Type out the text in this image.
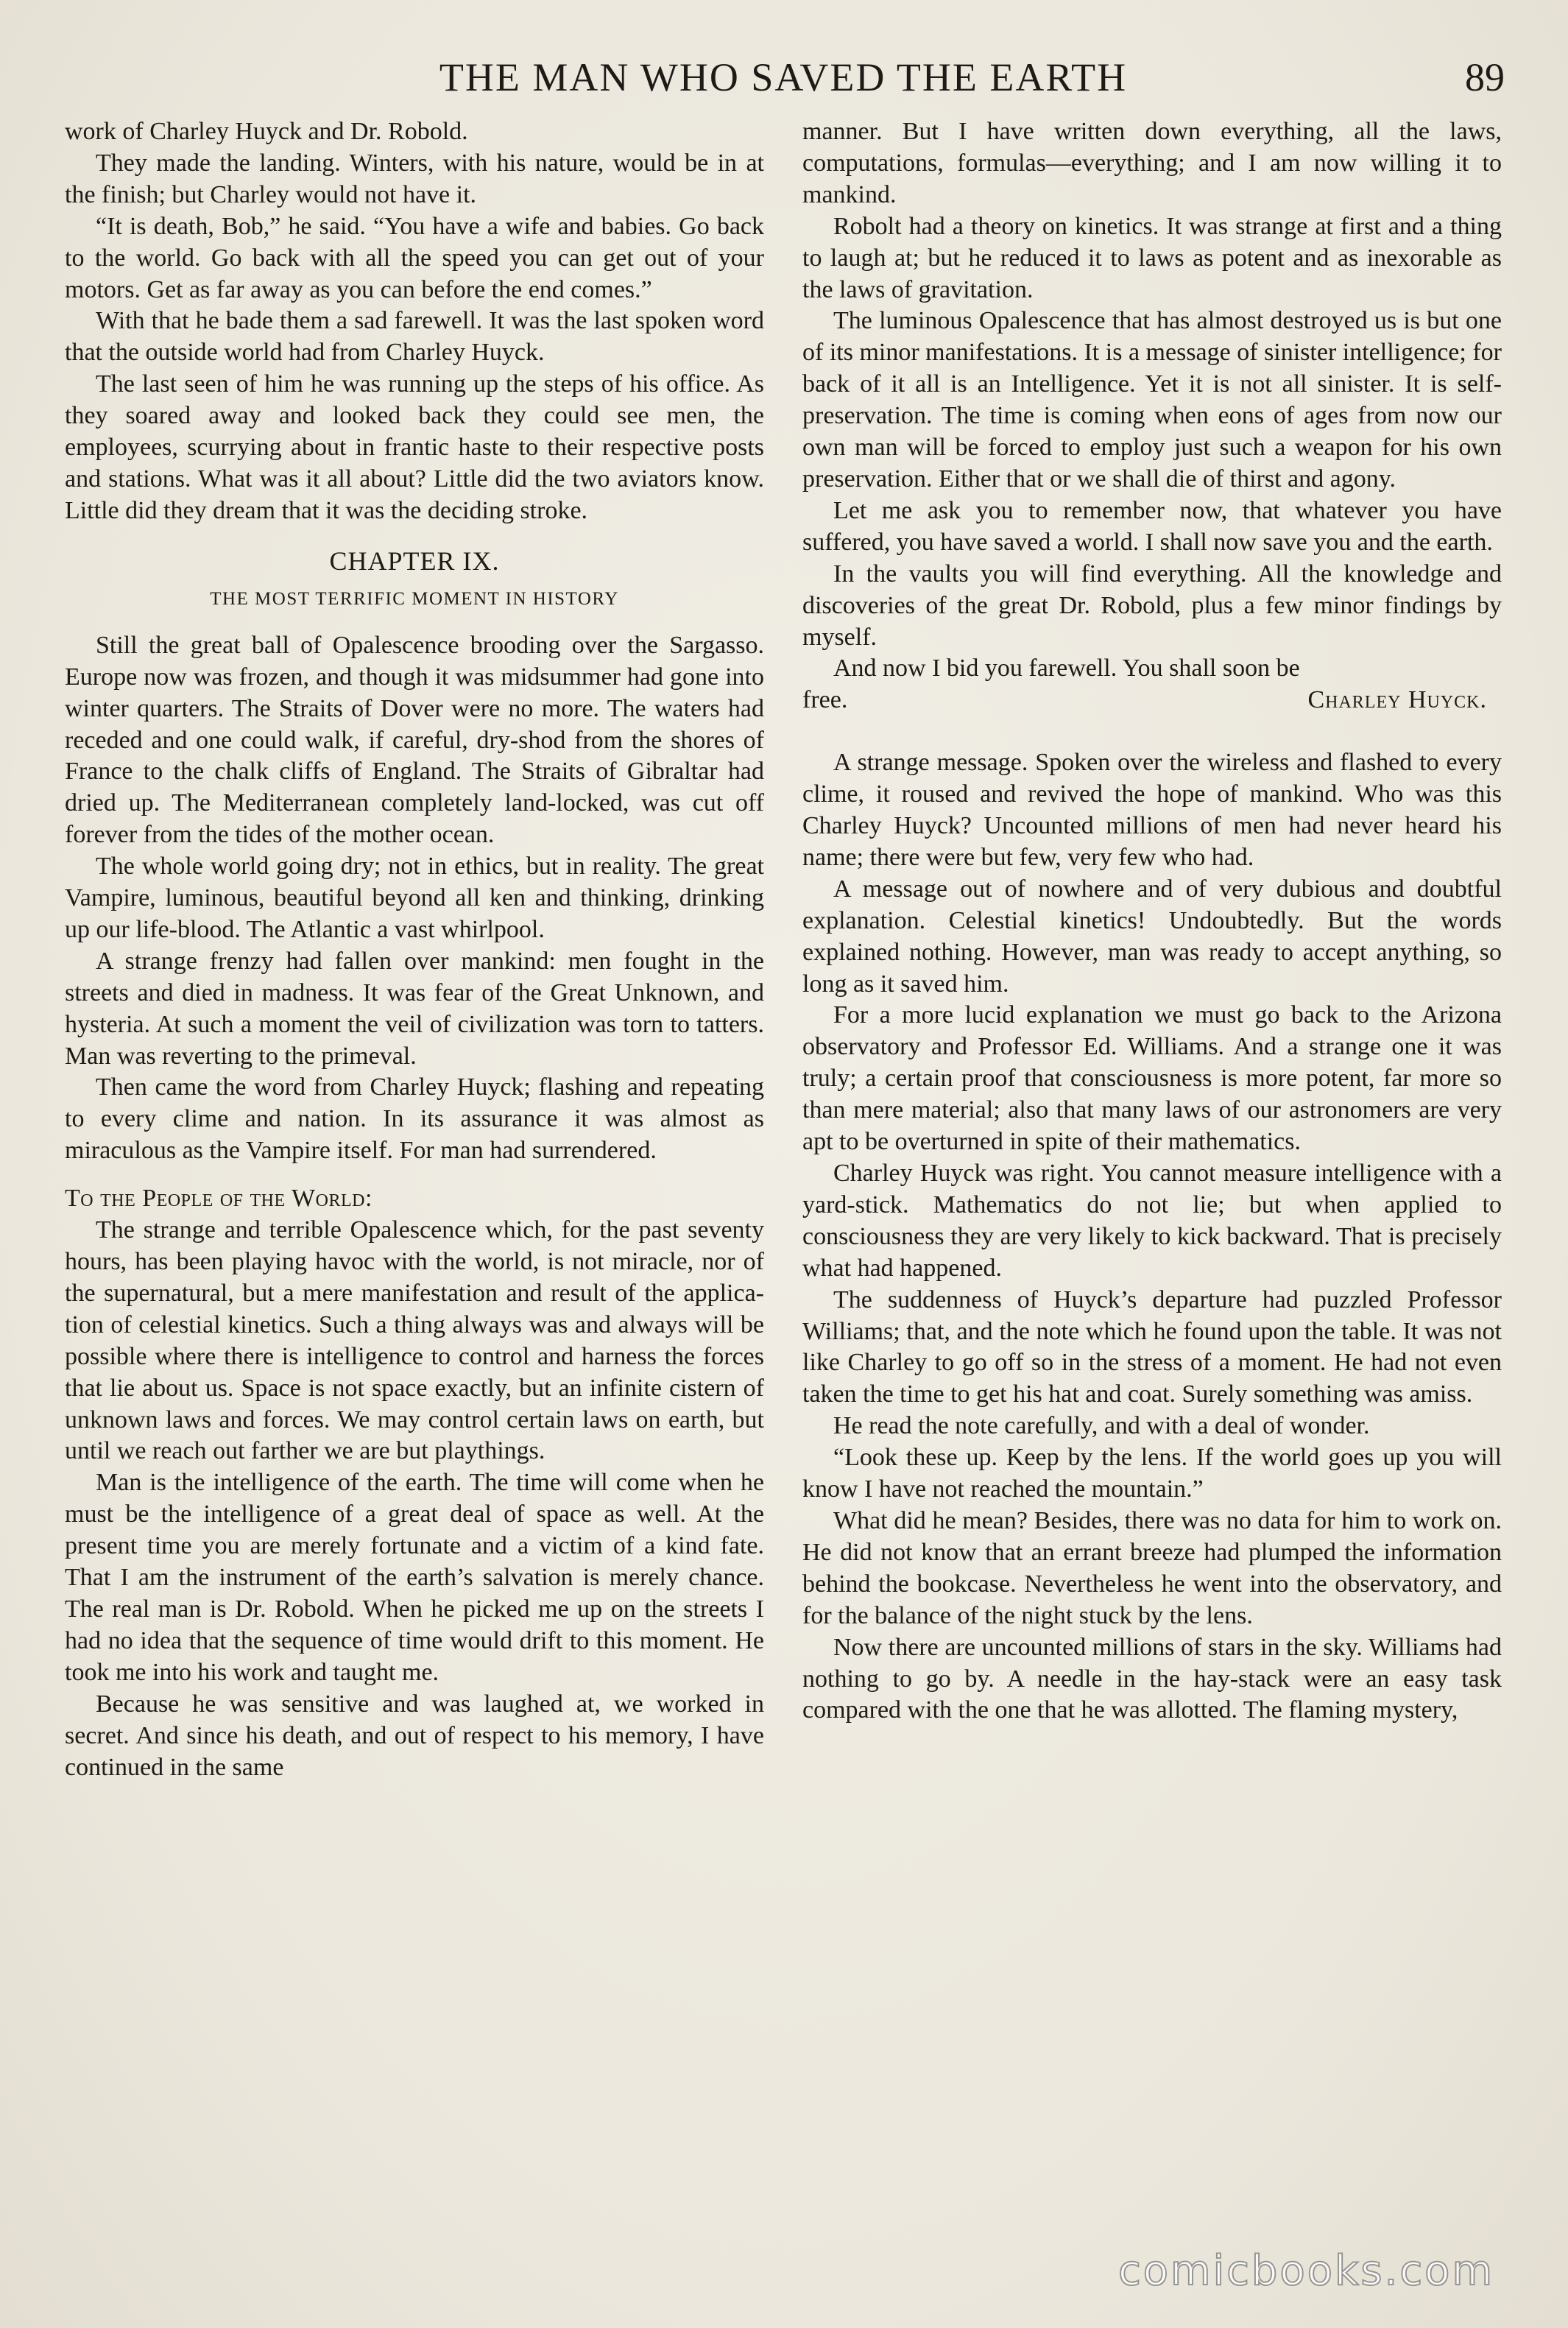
THE MAN WHO SAVED THE EARTH	89

work of Charley Huyck and Dr. Robold.

They made the landing. Winters, with his nature, would be in at the finish; but Charley would not have it.

“It is death, Bob,” he said. “You have a wife and babies. Go back to the world. Go back with all the speed you can get out of your motors. Get as far away as you can before the end comes.”

With that he bade them a sad farewell. It was the last spoken word that the outside world had from Charley Huyck.

The last seen of him he was running up the steps of his office. As they soared away and looked back they could see men, the employees, scurrying about in frantic haste to their respective posts and stations. What was it all about? Little did the two aviators know. Little did they dream that it was the deciding stroke.

CHAPTER IX.
THE MOST TERRIFIC MOMENT IN HISTORY

Still the great ball of Opalescence brooding over the Sargasso. Europe now was frozen, and though it was midsummer had gone into winter quarters. The Straits of Dover were no more. The waters had receded and one could walk, if careful, dry-shod from the shores of France to the chalk cliffs of England. The Straits of Gibraltar had dried up. The Mediterranean completely land-locked, was cut off forever from the tides of the mother ocean.

The whole world going dry; not in ethics, but in reality. The great Vampire, luminous, beautiful beyond all ken and thinking, drinking up our life-blood. The Atlantic a vast whirlpool.

A strange frenzy had fallen over mankind: men fought in the streets and died in madness. It was fear of the Great Unknown, and hysteria. At such a moment the veil of civilization was torn to tatters. Man was reverting to the primeval.

Then came the word from Charley Huyck; flashing and repeating to every clime and nation. In its assurance it was almost as miraculous as the Vampire itself. For man had surrendered.

To the People of the World:

The strange and terrible Opalescence which, for the past seventy hours, has been playing havoc with the world, is not miracle, nor of the supernatural, but a mere manifestation and result of the application of celestial kinetics. Such a thing always was and always will be possible where there is intelligence to control and harness the forces that lie about us. Space is not space exactly, but an infinite cistern of unknown laws and forces. We may control certain laws on earth, but until we reach out farther we are but playthings.

Man is the intelligence of the earth. The time will come when he must be the intelligence of a great deal of space as well. At the present time you are merely fortunate and a victim of a kind fate. That I am the instrument of the earth’s salvation is merely chance. The real man is Dr. Robold. When he picked me up on the streets I had no idea that the sequence of time would drift to this moment. He took me into his work and taught me.

Because he was sensitive and was laughed at, we worked in secret. And since his death, and out of respect to his memory, I have continued in the same

manner. But I have written down everything, all the laws, computations, formulas—everything; and I am now willing it to mankind.

Robolt had a theory on kinetics. It was strange at first and a thing to laugh at; but he reduced it to laws as potent and as inexorable as the laws of gravitation.

The luminous Opalescence that has almost destroyed us is but one of its minor manifestations. It is a message of sinister intelligence; for back of it all is an Intelligence. Yet it is not all sinister. It is self-preservation. The time is coming when eons of ages from now our own man will be forced to employ just such a weapon for his own preservation. Either that or we shall die of thirst and agony.

Let me ask you to remember now, that whatever you have suffered, you have saved a world. I shall now save you and the earth.

In the vaults you will find everything. All the knowledge and discoveries of the great Dr. Robold, plus a few minor findings by myself.

And now I bid you farewell. You shall soon be

free.	Charley Huyck.

A strange message. Spoken over the wireless and flashed to every clime, it roused and revived the hope of mankind. Who was this Charley Huyck? Uncounted millions of men had never heard his name; there were but few, very few who had.

A message out of nowhere and of very dubious and doubtful explanation. Celestial kinetics! Undoubtedly. But the words explained nothing. However, man was ready to accept anything, so long as it saved him.

For a more lucid explanation we must go back to the Arizona observatory and Professor Ed. Williams. And a strange one it was truly; a certain proof that consciousness is more potent, far more so than mere material; also that many laws of our astronomers are very apt to be overturned in spite of their mathematics.

Charley Huyck was right. You cannot measure intelligence with a yard-stick. Mathematics do not lie; but when applied to consciousness they are very likely to kick backward. That is precisely what had happened.

The suddenness of Huyck’s departure had puzzled Professor Williams; that, and the note which he found upon the table. It was not like Charley to go off so in the stress of a moment. He had not even taken the time to get his hat and coat. Surely something was amiss.

He read the note carefully, and with a deal of wonder.

“Look these up. Keep by the lens. If the world goes up you will know I have not reached the mountain.”

What did he mean? Besides, there was no data for him to work on. He did not know that an errant breeze had plumped the information behind the bookcase. Nevertheless he went into the observatory, and for the balance of the night stuck by the lens.

Now there are uncounted millions of stars in the sky. Williams had nothing to go by. A needle in the hay-stack were an easy task compared with the one that he was allotted. The flaming mystery,

comicbooks.com
